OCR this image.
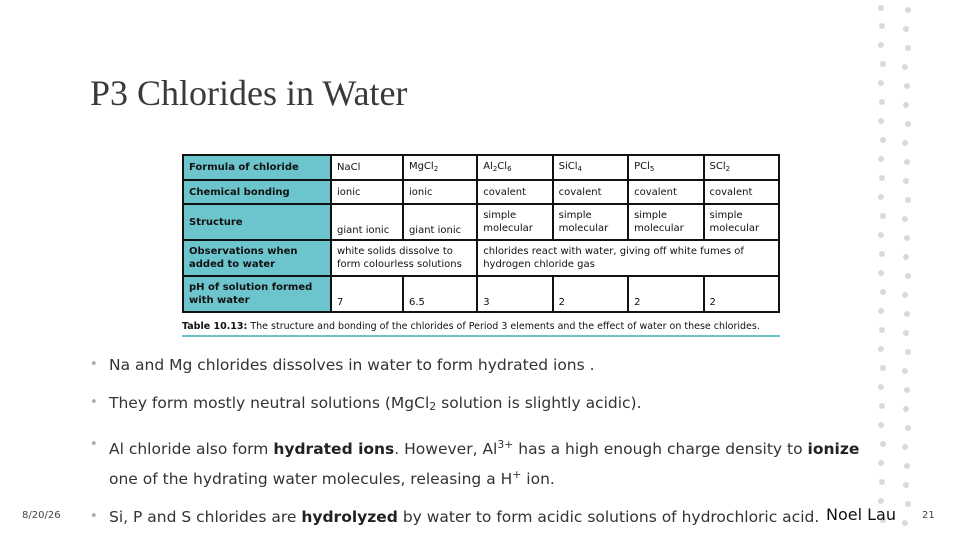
P3 Chlorides in Water
Formula of chloride	NaCl	MgCl$_2$	$Al_2Cl_6$	SiCl$_4$	PCl$_5$	SCl$_2$
Chemical bonding	ionic	ionic	covalent	covalent	covalent	covalent
Structure	giant ionic	giant ionic	simple molecular	simple molecular	simple molecular	simple molecular
Observations when added to water	white solids dissolve to form colourless solutions		chlorides react with water, giving off white fumes of hydrogen chloride gas			
pH of solution formed with water	7	6.5	3	2	2	2
Table 10.13: The structure and bonding of the chlorides of Period 3 elements and the effect of water on these chlorides.
• Na and Mg chlorides dissolves in water to form hydrated ions .
• They form mostly neutral solutions (MgCl$_2$ solution is slightly acidic).
• Al chloride also form hydrated ions. However, $Al^{3+}$ has a high enough charge density to ionize one of the hydrating water molecules, releasing a H+ ion.
• Si, P and S chlorides are hydrolyzed by water to form acidic solutions of hydrochloric acid.
8/20/26	Noel Lau	21
